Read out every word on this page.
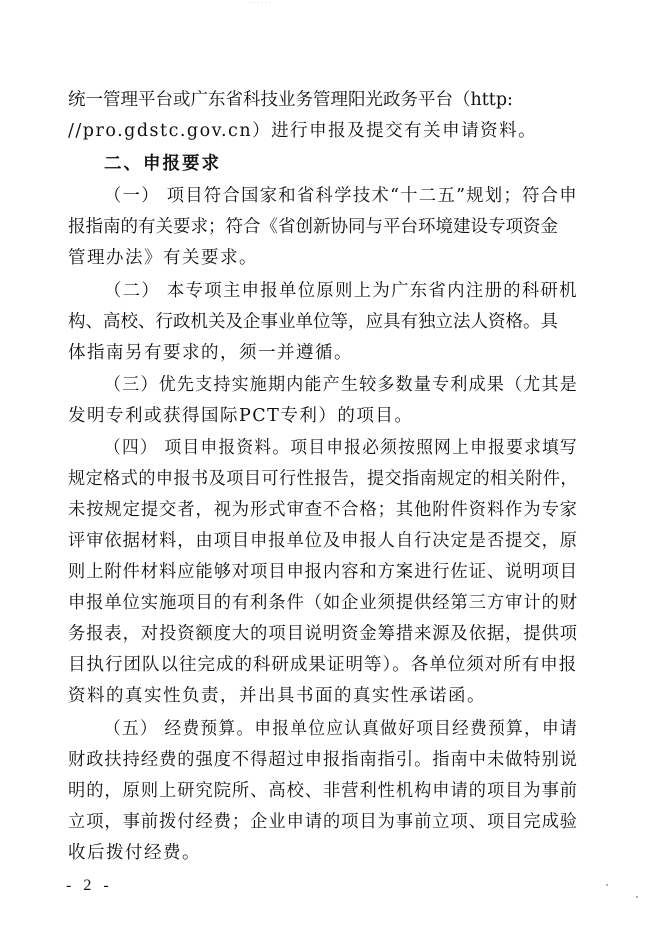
· · · · · ·
统一管理平台或广东省科技业务管理阳光政务平台（http:
//pro.gdstc.gov.cn）进行申报及提交有关申请资料。
二、申报要求
（一） 项目符合国家和省科学技术“十二五”规划；符合申
报指南的有关要求；符合《省创新协同与平台环境建设专项资金
管理办法》有关要求。
（二） 本专项主申报单位原则上为广东省内注册的科研机
构、高校、行政机关及企事业单位等，应具有独立法人资格。具
体指南另有要求的，须一并遵循。
（三）优先支持实施期内能产生较多数量专利成果（尤其是
发明专利或获得国际PCT专利）的项目。
（四） 项目申报资料。项目申报必须按照网上申报要求填写
规定格式的申报书及项目可行性报告，提交指南规定的相关附件，
未按规定提交者，视为形式审查不合格；其他附件资料作为专家
评审依据材料，由项目申报单位及申报人自行决定是否提交，原
则上附件材料应能够对项目申报内容和方案进行佐证、说明项目
申报单位实施项目的有利条件（如企业须提供经第三方审计的财
务报表，对投资额度大的项目说明资金筹措来源及依据，提供项
目执行团队以往完成的科研成果证明等）。各单位须对所有申报
资料的真实性负责，并出具书面的真实性承诺函。
（五） 经费预算。申报单位应认真做好项目经费预算，申请
财政扶持经费的强度不得超过申报指南指引。指南中未做特别说
明的，原则上研究院所、高校、非营利性机构申请的项目为事前
立项，事前拨付经费；企业申请的项目为事前立项、项目完成验
收后拨付经费。
- 2 -
